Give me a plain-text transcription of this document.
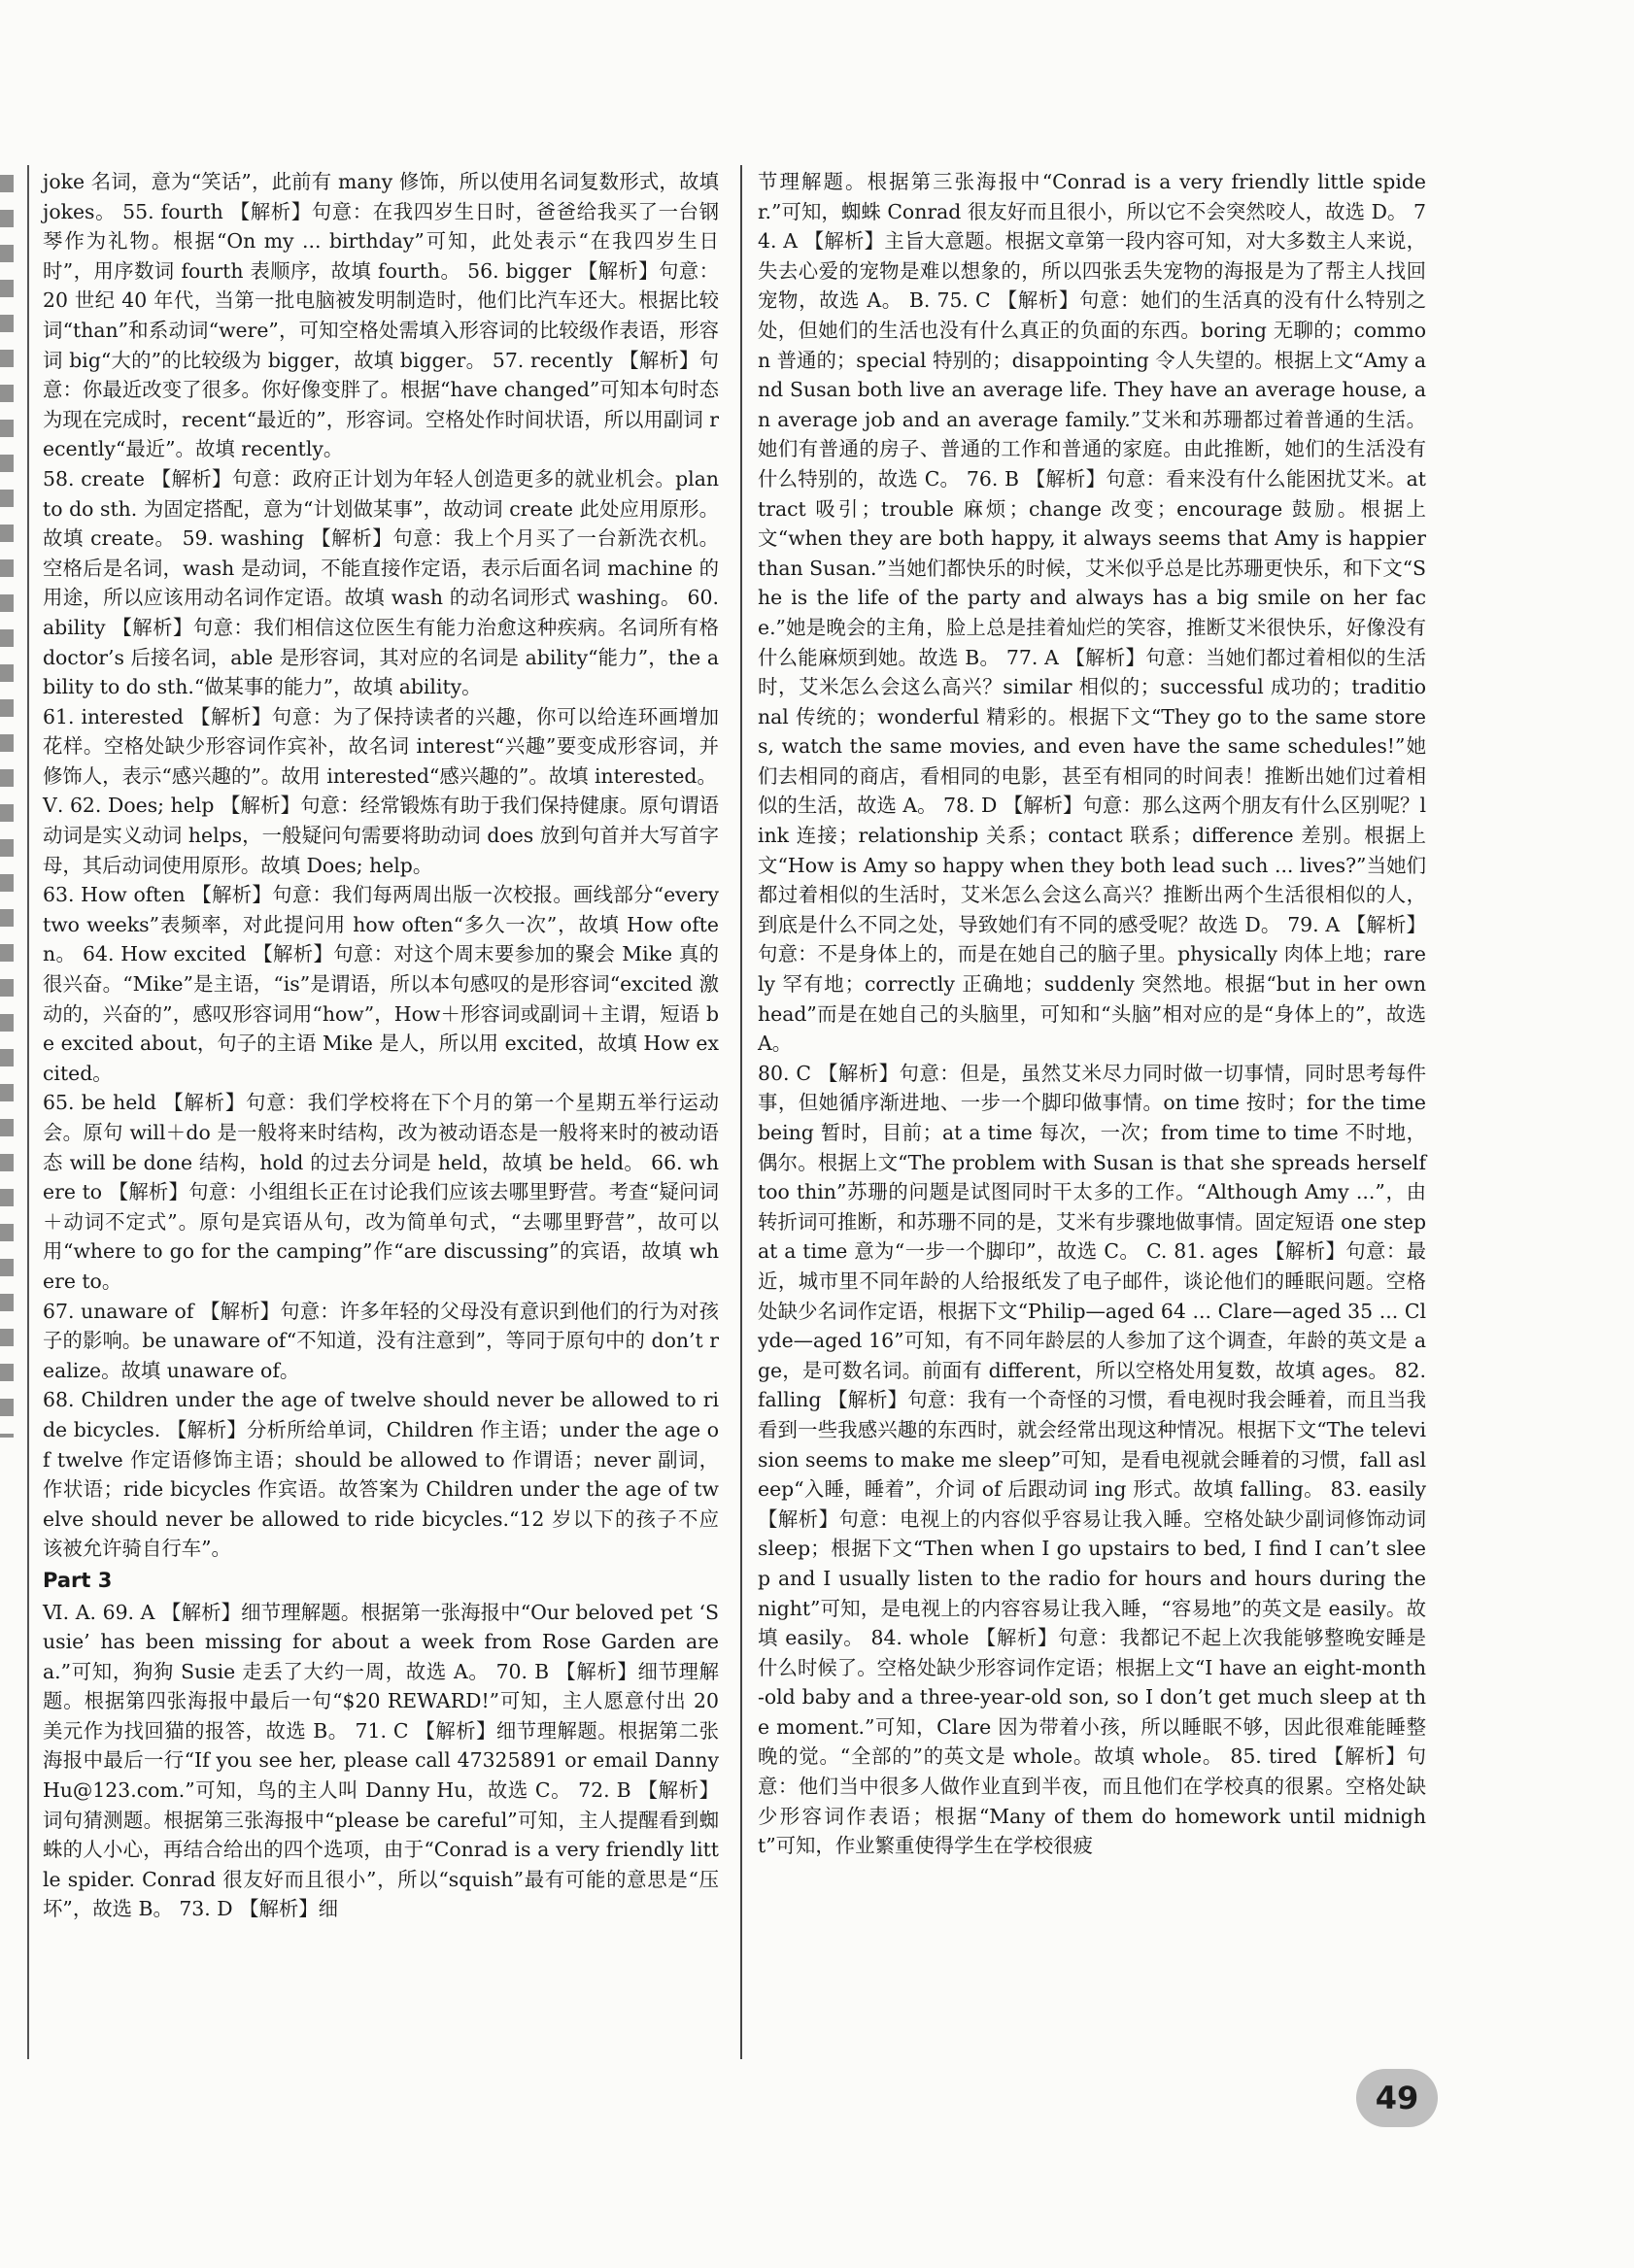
joke 名词，意为“笑话”，此前有 many 修饰，所以使用名词复数形式，故填 jokes。 55. fourth 【解析】句意：在我四岁生日时，爸爸给我买了一台钢琴作为礼物。根据“On my ... birthday”可知，此处表示“在我四岁生日时”，用序数词 fourth 表顺序，故填 fourth。 56. bigger 【解析】句意：20 世纪 40 年代，当第一批电脑被发明制造时，他们比汽车还大。根据比较词“than”和系动词“were”，可知空格处需填入形容词的比较级作表语，形容词 big“大的”的比较级为 bigger，故填 bigger。 57. recently 【解析】句意：你最近改变了很多。你好像变胖了。根据“have changed”可知本句时态为现在完成时，recent“最近的”，形容词。空格处作时间状语，所以用副词 recently“最近”。故填 recently。

58. create 【解析】句意：政府正计划为年轻人创造更多的就业机会。plan to do sth. 为固定搭配，意为“计划做某事”，故动词 create 此处应用原形。故填 create。 59. washing 【解析】句意：我上个月买了一台新洗衣机。空格后是名词，wash 是动词，不能直接作定语，表示后面名词 machine 的用途，所以应该用动名词作定语。故填 wash 的动名词形式 washing。 60. ability 【解析】句意：我们相信这位医生有能力治愈这种疾病。名词所有格 doctor’s 后接名词，able 是形容词，其对应的名词是 ability“能力”，the ability to do sth.“做某事的能力”，故填 ability。

61. interested 【解析】句意：为了保持读者的兴趣，你可以给连环画增加花样。空格处缺少形容词作宾补，故名词 interest“兴趣”要变成形容词，并修饰人，表示“感兴趣的”。故用 interested“感兴趣的”。故填 interested。

Ⅴ. 62. Does; help 【解析】句意：经常锻炼有助于我们保持健康。原句谓语动词是实义动词 helps，一般疑问句需要将助动词 does 放到句首并大写首字母，其后动词使用原形。故填 Does; help。

63. How often 【解析】句意：我们每两周出版一次校报。画线部分“every two weeks”表频率，对此提问用 how often“多久一次”，故填 How often。 64. How excited 【解析】句意：对这个周末要参加的聚会 Mike 真的很兴奋。“Mike”是主语，“is”是谓语，所以本句感叹的是形容词“excited 激动的，兴奋的”，感叹形容词用“how”，How＋形容词或副词＋主谓，短语 be excited about，句子的主语 Mike 是人，所以用 excited，故填 How excited。

65. be held 【解析】句意：我们学校将在下个月的第一个星期五举行运动会。原句 will＋do 是一般将来时结构，改为被动语态是一般将来时的被动语态 will be done 结构，hold 的过去分词是 held，故填 be held。 66. where to 【解析】句意：小组组长正在讨论我们应该去哪里野营。考查“疑问词＋动词不定式”。原句是宾语从句，改为简单句式，“去哪里野营”，故可以用“where to go for the camping”作“are discussing”的宾语，故填 where to。

67. unaware of 【解析】句意：许多年轻的父母没有意识到他们的行为对孩子的影响。be unaware of“不知道，没有注意到”，等同于原句中的 don’t realize。故填 unaware of。

68. Children under the age of twelve should never be allowed to ride bicycles. 【解析】分析所给单词，Children 作主语；under the age of twelve 作定语修饰主语；should be allowed to 作谓语；never 副词，作状语；ride bicycles 作宾语。故答案为 Children under the age of twelve should never be allowed to ride bicycles.“12 岁以下的孩子不应该被允许骑自行车”。

Part 3

Ⅵ. A. 69. A 【解析】细节理解题。根据第一张海报中“Our beloved pet ‘Susie’ has been missing for about a week from Rose Garden area.”可知，狗狗 Susie 走丢了大约一周，故选 A。 70. B 【解析】细节理解题。根据第四张海报中最后一句“$20 REWARD!”可知，主人愿意付出 20 美元作为找回猫的报答，故选 B。 71. C 【解析】细节理解题。根据第二张海报中最后一行“If you see her, please call 47325891 or email DannyHu@123.com.”可知，鸟的主人叫 Danny Hu，故选 C。 72. B 【解析】词句猜测题。根据第三张海报中“please be careful”可知，主人提醒看到蜘蛛的人小心，再结合给出的四个选项，由于“Conrad is a very friendly little spider. Conrad 很友好而且很小”，所以“squish”最有可能的意思是“压坏”，故选 B。 73. D 【解析】细

节理解题。根据第三张海报中“Conrad is a very friendly little spider.”可知，蜘蛛 Conrad 很友好而且很小，所以它不会突然咬人，故选 D。 74. A 【解析】主旨大意题。根据文章第一段内容可知，对大多数主人来说，失去心爱的宠物是难以想象的，所以四张丢失宠物的海报是为了帮主人找回宠物，故选 A。 B. 75. C 【解析】句意：她们的生活真的没有什么特别之处，但她们的生活也没有什么真正的负面的东西。boring 无聊的；common 普通的；special 特别的；disappointing 令人失望的。根据上文“Amy and Susan both live an average life. They have an average house, an average job and an average family.”艾米和苏珊都过着普通的生活。她们有普通的房子、普通的工作和普通的家庭。由此推断，她们的生活没有什么特别的，故选 C。 76. B 【解析】句意：看来没有什么能困扰艾米。attract 吸引；trouble 麻烦；change 改变；encourage 鼓励。根据上文“when they are both happy, it always seems that Amy is happier than Susan.”当她们都快乐的时候，艾米似乎总是比苏珊更快乐，和下文“She is the life of the party and always has a big smile on her face.”她是晚会的主角，脸上总是挂着灿烂的笑容，推断艾米很快乐，好像没有什么能麻烦到她。故选 B。 77. A 【解析】句意：当她们都过着相似的生活时，艾米怎么会这么高兴？similar 相似的；successful 成功的；traditional 传统的；wonderful 精彩的。根据下文“They go to the same stores, watch the same movies, and even have the same schedules!”她们去相同的商店，看相同的电影，甚至有相同的时间表！推断出她们过着相似的生活，故选 A。 78. D 【解析】句意：那么这两个朋友有什么区别呢？link 连接；relationship 关系；contact 联系；difference 差别。根据上文“How is Amy so happy when they both lead such ... lives?”当她们都过着相似的生活时，艾米怎么会这么高兴？推断出两个生活很相似的人，到底是什么不同之处，导致她们有不同的感受呢？故选 D。 79. A 【解析】句意：不是身体上的，而是在她自己的脑子里。physically 肉体上地；rarely 罕有地；correctly 正确地；suddenly 突然地。根据“but in her own head”而是在她自己的头脑里，可知和“头脑”相对应的是“身体上的”，故选 A。

80. C 【解析】句意：但是，虽然艾米尽力同时做一切事情，同时思考每件事，但她循序渐进地、一步一个脚印做事情。on time 按时；for the time being 暂时，目前；at a time 每次，一次；from time to time 不时地，偶尔。根据上文“The problem with Susan is that she spreads herself too thin”苏珊的问题是试图同时干太多的工作。“Although Amy ...”，由转折词可推断，和苏珊不同的是，艾米有步骤地做事情。固定短语 one step at a time 意为“一步一个脚印”，故选 C。 C. 81. ages 【解析】句意：最近，城市里不同年龄的人给报纸发了电子邮件，谈论他们的睡眠问题。空格处缺少名词作定语，根据下文“Philip—aged 64 ... Clare—aged 35 ... Clyde—aged 16”可知，有不同年龄层的人参加了这个调查，年龄的英文是 age，是可数名词。前面有 different，所以空格处用复数，故填 ages。 82. falling 【解析】句意：我有一个奇怪的习惯，看电视时我会睡着，而且当我看到一些我感兴趣的东西时，就会经常出现这种情况。根据下文“The television seems to make me sleep”可知，是看电视就会睡着的习惯，fall asleep“入睡，睡着”，介词 of 后跟动词 ing 形式。故填 falling。 83. easily 【解析】句意：电视上的内容似乎容易让我入睡。空格处缺少副词修饰动词 sleep；根据下文“Then when I go upstairs to bed, I find I can’t sleep and I usually listen to the radio for hours and hours during the night”可知，是电视上的内容容易让我入睡，“容易地”的英文是 easily。故填 easily。 84. whole 【解析】句意：我都记不起上次我能够整晚安睡是什么时候了。空格处缺少形容词作定语；根据上文“I have an eight-month-old baby and a three-year-old son, so I don’t get much sleep at the moment.”可知，Clare 因为带着小孩，所以睡眠不够，因此很难能睡整晚的觉。“全部的”的英文是 whole。故填 whole。 85. tired 【解析】句意：他们当中很多人做作业直到半夜，而且他们在学校真的很累。空格处缺少形容词作表语；根据“Many of them do homework until midnight”可知，作业繁重使得学生在学校很疲

49
